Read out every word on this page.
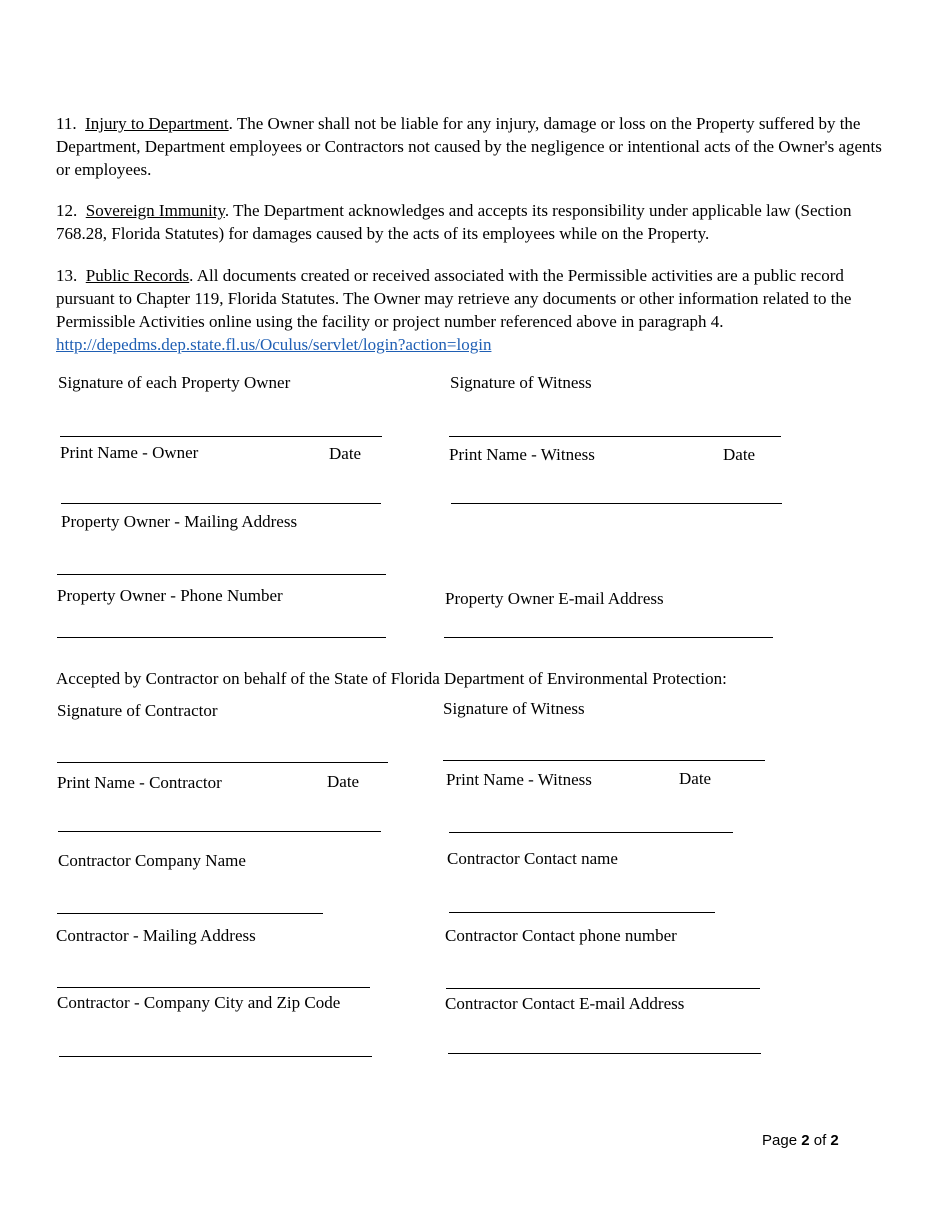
11. Injury to Department. The Owner shall not be liable for any injury, damage or loss on the Property suffered by the Department, Department employees or Contractors not caused by the negligence or intentional acts of the Owner's agents or employees.

12. Sovereign Immunity. The Department acknowledges and accepts its responsibility under applicable law (Section 768.28, Florida Statutes) for damages caused by the acts of its employees while on the Property.

13. Public Records. All documents created or received associated with the Permissible activities are a public record pursuant to Chapter 119, Florida Statutes. The Owner may retrieve any documents or other information related to the Permissible Activities online using the facility or project number referenced above in paragraph 4.
http://depedms.dep.state.fl.us/Oculus/servlet/login?action=login

Signature of each Property Owner	Signature of Witness
Print Name - Owner	Date	Print Name - Witness	Date
Property Owner - Mailing Address
Property Owner - Phone Number	Property Owner E-mail Address
Accepted by Contractor on behalf of the State of Florida Department of Environmental Protection:
Signature of Contractor	Signature of Witness
Print Name - Contractor	Date	Print Name - Witness	Date
Contractor Company Name	Contractor Contact name
Contractor - Mailing Address	Contractor Contact phone number
Contractor - Company City and Zip Code	Contractor Contact E-mail Address
Page 2 of 2
